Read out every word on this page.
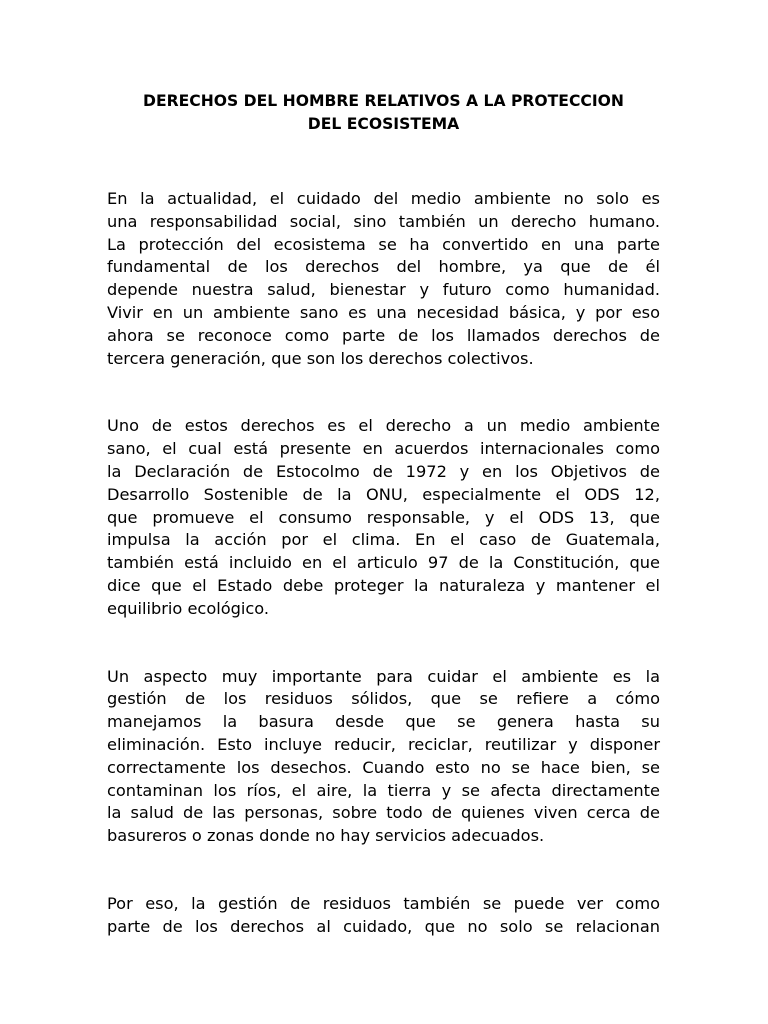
DERECHOS DEL HOMBRE RELATIVOS A LA PROTECCION
DEL ECOSISTEMA

En la actualidad, el cuidado del medio ambiente no solo es
una responsabilidad social, sino también un derecho humano.
La protección del ecosistema se ha convertido en una parte
fundamental de los derechos del hombre, ya que de él
depende nuestra salud, bienestar y futuro como humanidad.
Vivir en un ambiente sano es una necesidad básica, y por eso
ahora se reconoce como parte de los llamados derechos de
tercera generación, que son los derechos colectivos.

Uno de estos derechos es el derecho a un medio ambiente
sano, el cual está presente en acuerdos internacionales como
la Declaración de Estocolmo de 1972 y en los Objetivos de
Desarrollo Sostenible de la ONU, especialmente el ODS 12,
que promueve el consumo responsable, y el ODS 13, que
impulsa la acción por el clima. En el caso de Guatemala,
también está incluido en el articulo 97 de la Constitución, que
dice que el Estado debe proteger la naturaleza y mantener el
equilibrio ecológico.

Un aspecto muy importante para cuidar el ambiente es la
gestión de los residuos sólidos, que se refiere a cómo
manejamos la basura desde que se genera hasta su
eliminación. Esto incluye reducir, reciclar, reutilizar y disponer
correctamente los desechos. Cuando esto no se hace bien, se
contaminan los ríos, el aire, la tierra y se afecta directamente
la salud de las personas, sobre todo de quienes viven cerca de
basureros o zonas donde no hay servicios adecuados.

Por eso, la gestión de residuos también se puede ver como
parte de los derechos al cuidado, que no solo se relacionan
